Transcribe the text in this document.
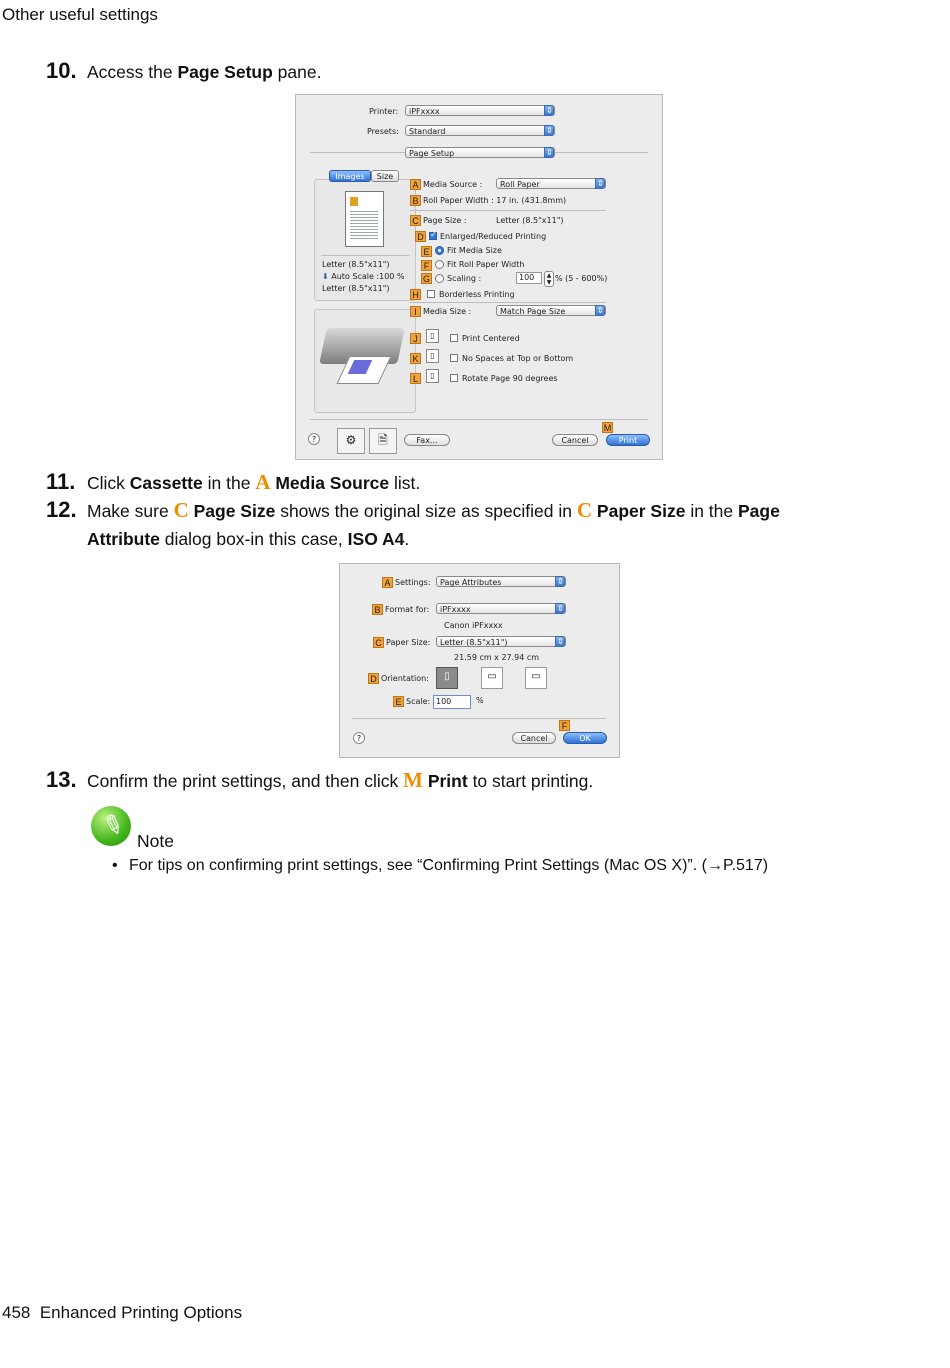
Other useful settings
10. Access the Page Setup pane.
Printer:	iPFxxxx
⇕
Presets:	Standard
⇕
Page Setup
⇕
Images	Size
Letter (8.5"x11")
⬇ Auto Scale :100 %
Letter (8.5"x11")
A Media Source :	Roll Paper
⇕
B Roll Paper Width : 17 in. (431.8mm)
C Page Size :	Letter (8.5"x11")
D
✓ Enlarged/Reduced Printing
E	Fit Media Size
F	Fit Roll Paper Width
G Scaling :	100	▲
▼ % (5 - 600%)
H	Borderless Printing
I Media Size :	Match Page Size
⇕
J	▯	Print Centered
K	▯	No Spaces at Top or Bottom
L	▯	Rotate Page 90 degrees
?	⚙	🗎	Fax...	Cancel
M
Print
11. Click Cassette in the A Media Source list.
12. Make sure C Page Size shows the original size as specified in C Paper Size in the Page
Attribute dialog box-in this case, ISO A4.
A Settings:	Page Attributes
⇕
B Format for:	iPFxxxx
⇕
Canon iPFxxxx
C Paper Size:	Letter (8.5"x11")
⇕
21.59 cm x 27.94 cm
D Orientation:	▯	▭	▭
E Scale: 100	%
?	Cancel
F
OK
13. Confirm the print settings, and then click M Print to start printing.
✎ Note
• For tips on confirming print settings, see “Confirming Print Settings (Mac OS X)”. (→P.517)
458 Enhanced Printing Options
